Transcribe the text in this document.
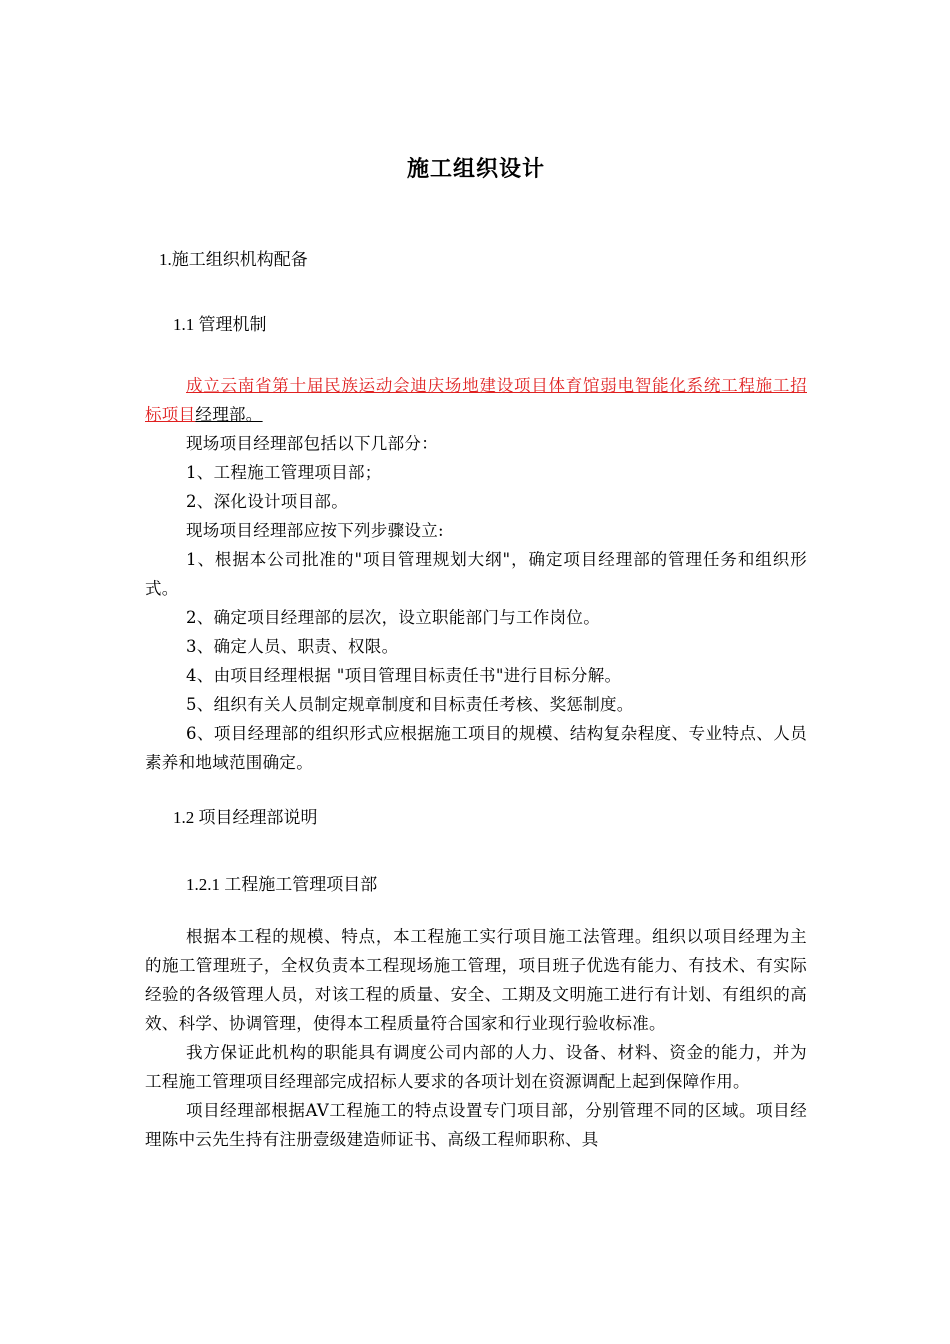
施工组织设计
1.施工组织机构配备
1.1 管理机制

成立云南省第十届民族运动会迪庆场地建设项目体育馆弱电智能化系统工程施工招标项目经理部。

现场项目经理部包括以下几部分：

1、工程施工管理项目部；

2、深化设计项目部。

现场项目经理部应按下列步骤设立:

1、根据本公司批准的"项目管理规划大纲"，确定项目经理部的管理任务和组织形式。

2、确定项目经理部的层次，设立职能部门与工作岗位。

3、确定人员、职责、权限。

4、由项目经理根据 "项目管理目标责任书"进行目标分解。

5、组织有关人员制定规章制度和目标责任考核、奖惩制度。

6、项目经理部的组织形式应根据施工项目的规模、结构复杂程度、专业特点、人员素养和地域范围确定。

1.2 项目经理部说明
1.2.1 工程施工管理项目部

根据本工程的规模、特点，本工程施工实行项目施工法管理。组织以项目经理为主的施工管理班子，全权负责本工程现场施工管理，项目班子优选有能力、有技术、有实际经验的各级管理人员，对该工程的质量、安全、工期及文明施工进行有计划、有组织的高效、科学、协调管理，使得本工程质量符合国家和行业现行验收标准。

我方保证此机构的职能具有调度公司内部的人力、设备、材料、资金的能力，并为工程施工管理项目经理部完成招标人要求的各项计划在资源调配上起到保障作用。

项目经理部根据AV工程施工的特点设置专门项目部，分别管理不同的区域。项目经理陈中云先生持有注册壹级建造师证书、高级工程师职称、具
